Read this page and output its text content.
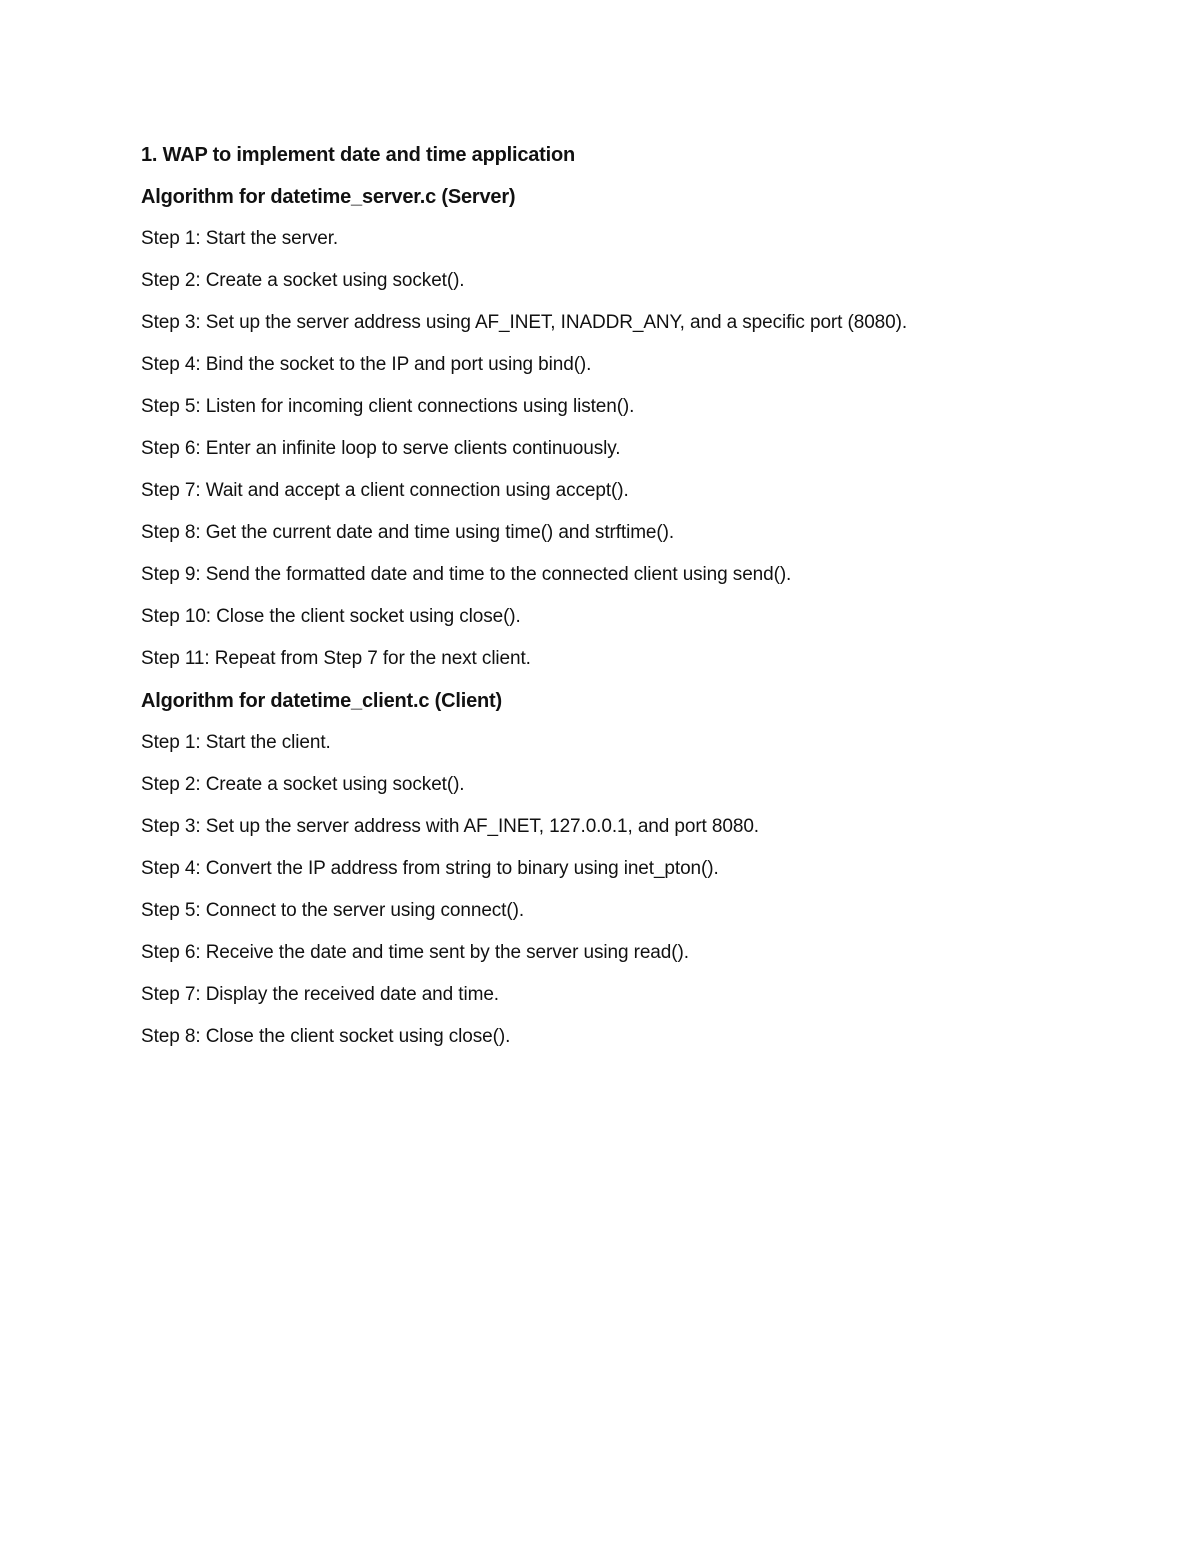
1. WAP to implement date and time application
Algorithm for datetime_server.c (Server)
Step 1: Start the server.
Step 2: Create a socket using socket().
Step 3: Set up the server address using AF_INET, INADDR_ANY, and a specific port (8080).
Step 4: Bind the socket to the IP and port using bind().
Step 5: Listen for incoming client connections using listen().
Step 6: Enter an infinite loop to serve clients continuously.
Step 7: Wait and accept a client connection using accept().
Step 8: Get the current date and time using time() and strftime().
Step 9: Send the formatted date and time to the connected client using send().
Step 10: Close the client socket using close().
Step 11: Repeat from Step 7 for the next client.
Algorithm for datetime_client.c (Client)
Step 1: Start the client.
Step 2: Create a socket using socket().
Step 3: Set up the server address with AF_INET, 127.0.0.1, and port 8080.
Step 4: Convert the IP address from string to binary using inet_pton().
Step 5: Connect to the server using connect().
Step 6: Receive the date and time sent by the server using read().
Step 7: Display the received date and time.
Step 8: Close the client socket using close().
